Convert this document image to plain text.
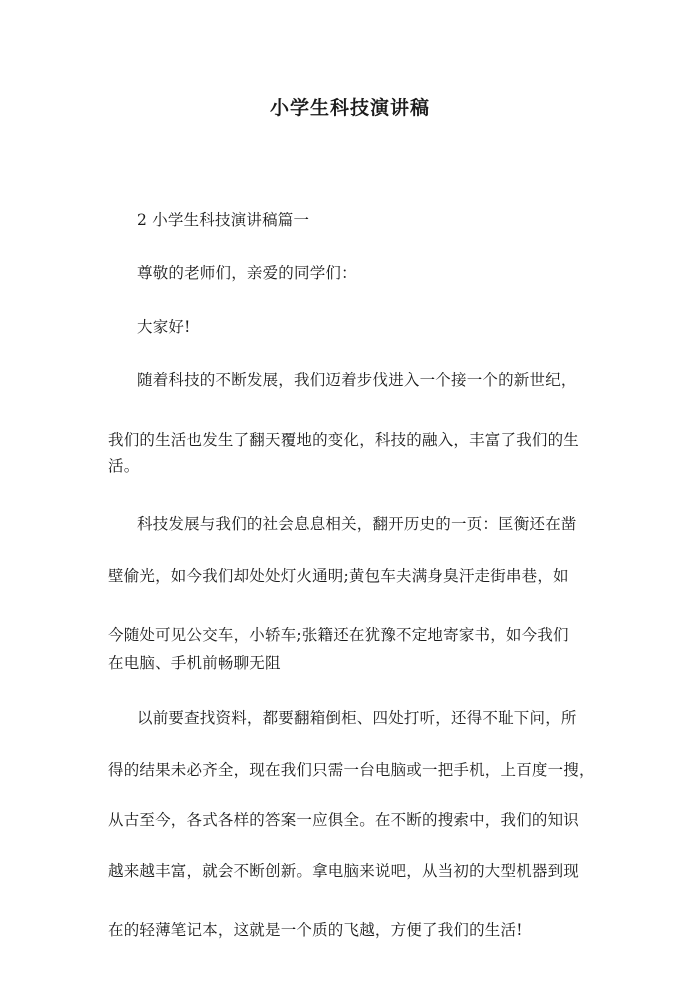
小学生科技演讲稿
2 小学生科技演讲稿篇一
尊敬的老师们，亲爱的同学们：
大家好!
随着科技的不断发展，我们迈着步伐进入一个接一个的新世纪，
我们的生活也发生了翻天覆地的变化，科技的融入，丰富了我们的生
活。
科技发展与我们的社会息息相关，翻开历史的一页：匡衡还在凿
壁偷光，如今我们却处处灯火通明;黄包车夫满身臭汗走街串巷，如
今随处可见公交车，小轿车;张籍还在犹豫不定地寄家书，如今我们
在电脑、手机前畅聊无阻
以前要查找资料，都要翻箱倒柜、四处打听，还得不耻下问，所
得的结果未必齐全，现在我们只需一台电脑或一把手机，上百度一搜，
从古至今，各式各样的答案一应俱全。在不断的搜索中，我们的知识
越来越丰富，就会不断创新。拿电脑来说吧，从当初的大型机器到现
在的轻薄笔记本，这就是一个质的飞越，方便了我们的生活!
